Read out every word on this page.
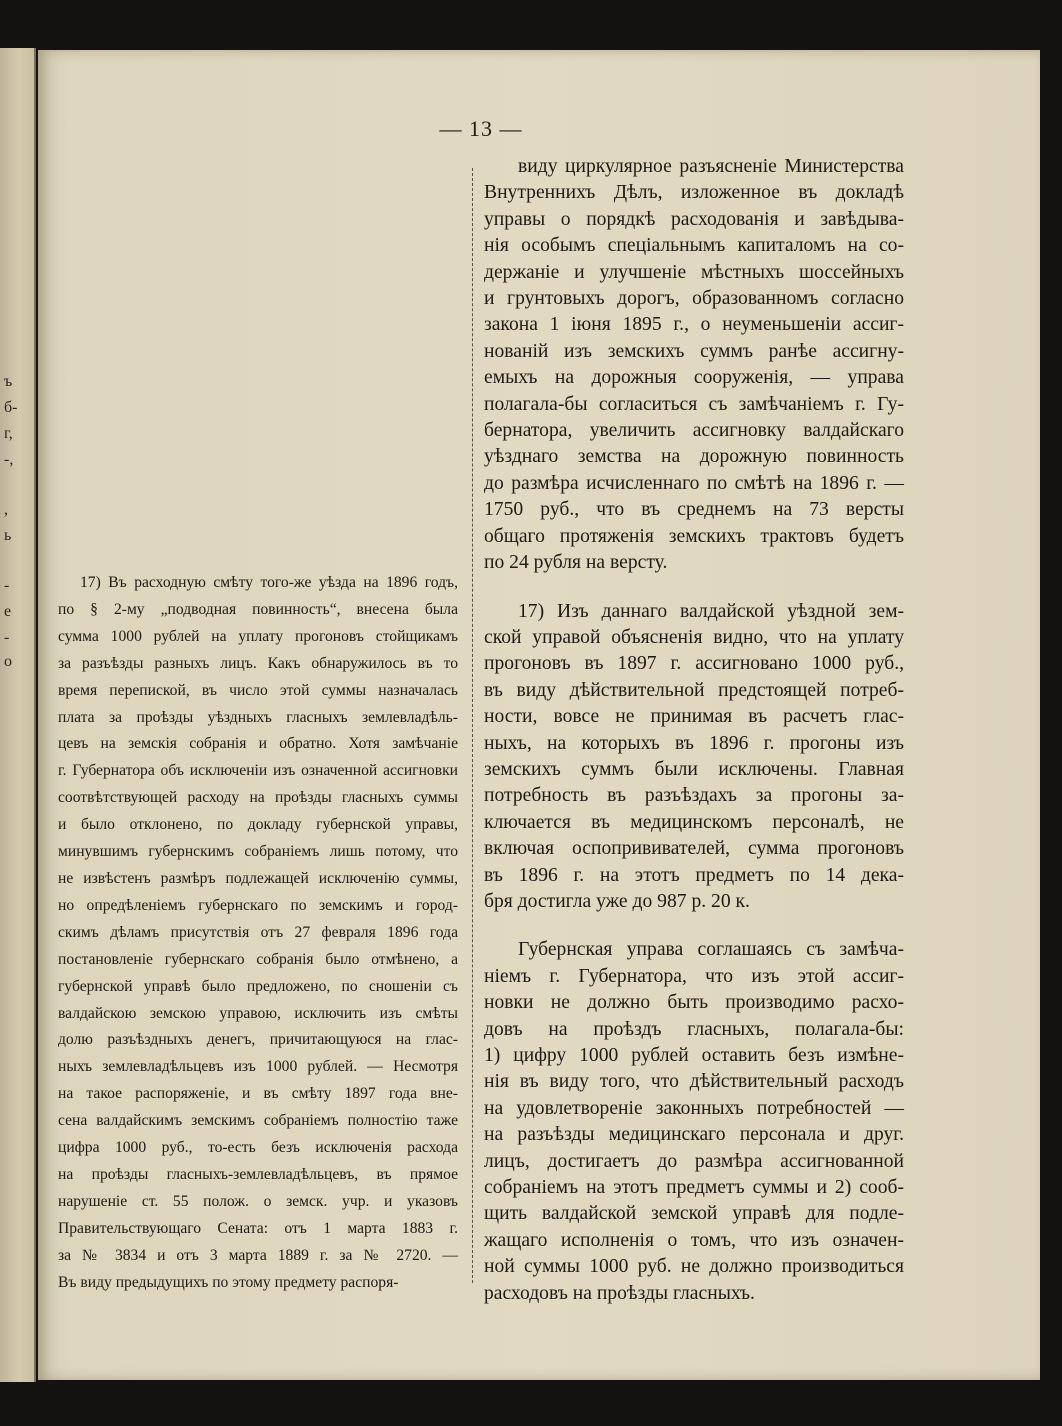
ъ
б-
г,
-,
,
ь
-
е
-
о
— 13 —
17) Въ расходную смѣту того-же уѣзда на 1896 годъ,
по § 2-му „подводная повинность“, внесена была
сумма 1000 рублей на уплату прогоновъ стойщикамъ
за разъѣзды разныхъ лицъ. Какъ обнаружилось въ то
время перепиской, въ число этой суммы назначалась
плата за проѣзды уѣздныхъ гласныхъ землевладѣль-
цевъ на земскія собранія и обратно. Хотя замѣчаніе
г. Губернатора объ исключеніи изъ означенной ассигновки
соотвѣтствующей расходу на проѣзды гласныхъ суммы
и было отклонено, по докладу губернской управы,
минувшимъ губернскимъ собраніемъ лишь потому, что
не извѣстенъ размѣръ подлежащей исключенію суммы,
но опредѣленіемъ губернскаго по земскимъ и город-
скимъ дѣламъ присутствія отъ 27 февраля 1896 года
постановленіе губернскаго собранія было отмѣнено, а
губернской управѣ было предложено, по сношеніи съ
валдайскою земскою управою, исключить изъ смѣты
долю разъѣздныхъ денегъ, причитающуюся на глас-
ныхъ землевладѣльцевъ изъ 1000 рублей. — Несмотря
на такое распоряженіе, и въ смѣту 1897 года вне-
сена валдайскимъ земскимъ собраніемъ полностію таже
цифра 1000 руб., то-есть безъ исключенія расхода
на проѣзды гласныхъ-землевладѣльцевъ, въ прямое
нарушеніе ст. 55 полож. о земск. учр. и указовъ
Правительствующаго Сената: отъ 1 марта 1883 г.
за № 3834 и отъ 3 марта 1889 г. за № 2720. —
Въ виду предыдущихъ по этому предмету распоря-
виду циркулярное разъясненіе Министерства
Внутреннихъ Дѣлъ, изложенное въ докладѣ
управы о порядкѣ расходованія и завѣдыва-
нія особымъ спеціальнымъ капиталомъ на со-
держаніе и улучшеніе мѣстныхъ шоссейныхъ
и грунтовыхъ дорогъ, образованномъ согласно
закона 1 іюня 1895 г., о неуменьшеніи ассиг-
нованій изъ земскихъ суммъ ранѣе ассигну-
емыхъ на дорожныя сооруженія, — управа
полагала-бы согласиться съ замѣчаніемъ г. Гу-
бернатора, увеличить ассигновку валдайскаго
уѣзднаго земства на дорожную повинность
до размѣра исчисленнаго по смѣтѣ на 1896 г. —
1750 руб., что въ среднемъ на 73 версты
общаго протяженія земскихъ трактовъ будетъ
по 24 рубля на версту.
17) Изъ даннаго валдайской уѣздной зем-
ской управой объясненія видно, что на уплату
прогоновъ въ 1897 г. ассигновано 1000 руб.,
въ виду дѣйствительной предстоящей потреб-
ности, вовсе не принимая въ расчетъ глас-
ныхъ, на которыхъ въ 1896 г. прогоны изъ
земскихъ суммъ были исключены. Главная
потребность въ разъѣздахъ за прогоны за-
ключается въ медицинскомъ персоналѣ, не
включая оспопрививателей, сумма прогоновъ
въ 1896 г. на этотъ предметъ по 14 дека-
бря достигла уже до 987 р. 20 к.
Губернская управа соглашаясь съ замѣча-
ніемъ г. Губернатора, что изъ этой ассиг-
новки не должно быть производимо расхо-
довъ на проѣздъ гласныхъ, полагала-бы:
1) цифру 1000 рублей оставить безъ измѣне-
нія въ виду того, что дѣйствительный расходъ
на удовлетвореніе законныхъ потребностей —
на разъѣзды медицинскаго персонала и друг.
лицъ, достигаетъ до размѣра ассигнованной
собраніемъ на этотъ предметъ суммы и 2) сооб-
щить валдайской земской управѣ для подле-
жащаго исполненія о томъ, что изъ означен-
ной суммы 1000 руб. не должно производиться
расходовъ на проѣзды гласныхъ.
